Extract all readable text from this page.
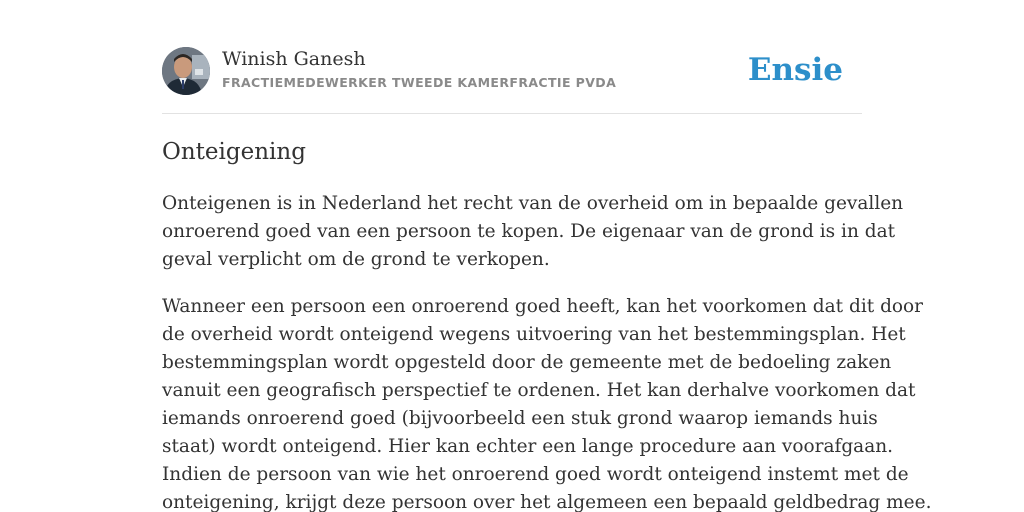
Winish Ganesh
FRACTIEMEDEWERKER TWEEDE KAMERFRACTIE PVDA	Ensie
Onteigening

Onteigenen is in Nederland het recht van de overheid om in bepaalde gevallen
onroerend goed van een persoon te kopen. De eigenaar van de grond is in dat
geval verplicht om de grond te verkopen.

Wanneer een persoon een onroerend goed heeft, kan het voorkomen dat dit door
de overheid wordt onteigend wegens uitvoering van het bestemmingsplan. Het
bestemmingsplan wordt opgesteld door de gemeente met de bedoeling zaken
vanuit een geografisch perspectief te ordenen. Het kan derhalve voorkomen dat
iemands onroerend goed (bijvoorbeeld een stuk grond waarop iemands huis
staat) wordt onteigend. Hier kan echter een lange procedure aan voorafgaan.
Indien de persoon van wie het onroerend goed wordt onteigend instemt met de
onteigening, krijgt deze persoon over het algemeen een bepaald geldbedrag mee.
